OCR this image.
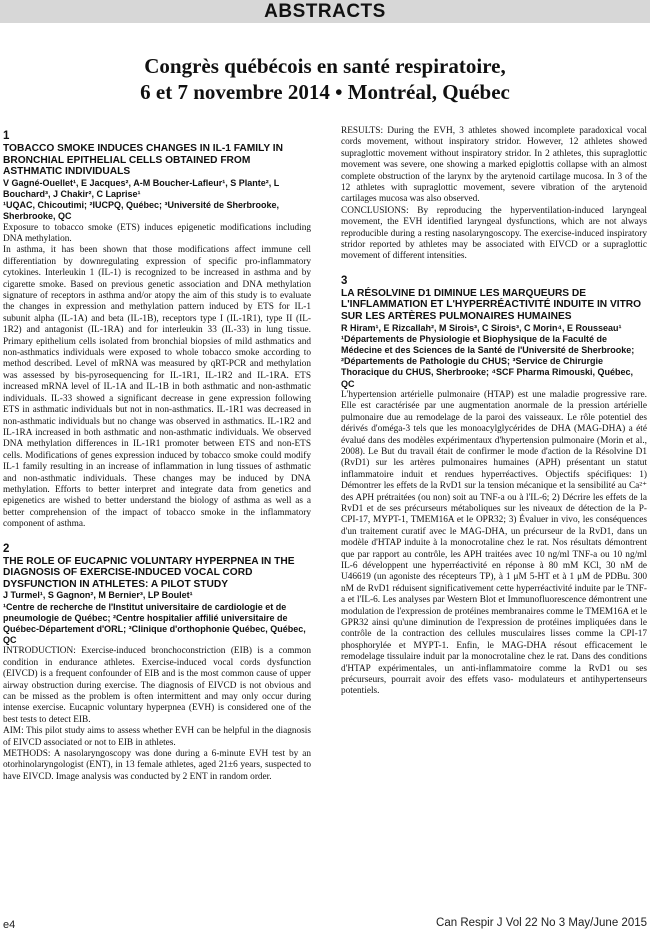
ABSTRACTS
Congrès québécois en santé respiratoire,
6 et 7 novembre 2014 • Montréal, Québec
1

TOBACCO SMOKE INDUCES CHANGES IN IL-1 FAMILY IN BRONCHIAL EPITHELIAL CELLS OBTAINED FROM ASTHMATIC INDIVIDUALS

V Gagné-Ouellet¹, E Jacques², A-M Boucher-Lafleur¹, S Plante², L Bouchard³, J Chakir², C Laprise¹

¹UQAC, Chicoutimi; ²IUCPQ, Québec; ³Université de Sherbrooke, Sherbrooke, QC

Exposure to tobacco smoke (ETS) induces epigenetic modifications including DNA methylation.

In asthma, it has been shown that those modifications affect immune cell differentiation by downregulating expression of specific pro-inflammatory cytokines. Interleukin 1 (IL-1) is recognized to be increased in asthma and by cigarette smoke. Based on previous genetic association and DNA methylation signature of receptors in asthma and/or atopy the aim of this study is to evaluate the changes in expression and methylation pattern induced by ETS for IL-1 subunit alpha (IL-1A) and beta (IL-1B), receptors type I (IL-1R1), type II (IL-1R2) and antagonist (IL-1RA) and for interleukin 33 (IL-33) in lung tissue. Primary epithelium cells isolated from bronchial biopsies of mild asthmatics and non-asthmatics individuals were exposed to whole tobacco smoke according to method described. Level of mRNA was measured by qRT-PCR and methylation was assessed by bis-pyrosequencing for IL-1R1, IL-1R2 and IL-1RA. ETS increased mRNA level of IL-1A and IL-1B in both asthmatic and non-asthmatic individuals. IL-33 showed a significant decrease in gene expression following ETS in asthmatic individuals but not in non-asthmatics. IL-1R1 was decreased in non-asthmatic individuals but no change was observed in asthmatics. IL-1R2 and IL-1RA increased in both asthmatic and non-asthmatic individuals. We observed DNA methylation differences in IL-1R1 promoter between ETS and non-ETS cells. Modifications of genes expression induced by tobacco smoke could modify IL-1 family resulting in an increase of inflammation in lung tissues of asthmatic and non-asthmatic individuals. These changes may be induced by DNA methylation. Efforts to better interpret and integrate data from genetics and epigenetics are wished to better understand the biology of asthma as well as a better comprehension of the impact of tobacco smoke in the inflammatory component of asthma.

2

THE ROLE OF EUCAPNIC VOLUNTARY HYPERPNEA IN THE DIAGNOSIS OF EXERCISE-INDUCED VOCAL CORD DYSFUNCTION IN ATHLETES: A PILOT STUDY

J Turmel¹, S Gagnon², M Bernier³, LP Boulet¹

¹Centre de recherche de l'Institut universitaire de cardiologie et de pneumologie de Québec; ²Centre hospitalier affilié universitaire de Québec-Département d'ORL; ³Clinique d'orthophonie Québec, Québec, QC

INTRODUCTION: Exercise-induced bronchoconstriction (EIB) is a common condition in endurance athletes. Exercise-induced vocal cords dysfunction (EIVCD) is a frequent confounder of EIB and is the most common cause of upper airway obstruction during exercise. The diagnosis of EIVCD is not obvious and can be missed as the problem is often intermittent and may only occur during intense exercise. Eucapnic voluntary hyperpnea (EVH) is considered one of the best tests to detect EIB.

AIM: This pilot study aims to assess whether EVH can be helpful in the diagnosis of EIVCD associated or not to EIB in athletes.

METHODS: A nasolaryngoscopy was done during a 6-minute EVH test by an otorhinolaryngologist (ENT), in 13 female athletes, aged 21±6 years, suspected to have EIVCD. Image analysis was conducted by 2 ENT in random order.

RESULTS: During the EVH, 3 athletes showed incomplete paradoxical vocal cords movement, without inspiratory stridor. However, 12 athletes showed supraglottic movement without inspiratory stridor. In 2 athletes, this supraglottic movement was severe, one showing a marked epiglottis collapse with an almost complete obstruction of the larynx by the arytenoid cartilage mucosa. In 3 of the 12 athletes with supraglottic movement, severe vibration of the arytenoid cartilages mucosa was also observed.

CONCLUSIONS: By reproducing the hyperventilation-induced laryngeal movement, the EVH identified laryngeal dysfunctions, which are not always reproducible during a resting nasolaryngoscopy. The exercise-induced inspiratory stridor reported by athletes may be associated with EIVCD or a supraglottic movement of different intensities.

3

LA RÉSOLVINE D1 DIMINUE LES MARQUEURS DE L'INFLAMMATION ET L'HYPERRÉACTIVITÉ INDUITE IN VITRO SUR LES ARTÈRES PULMONAIRES HUMAINES

R Hiram¹, E Rizcallah², M Sirois³, C Sirois³, C Morin⁴, E Rousseau¹

¹Départements de Physiologie et Biophysique de la Faculté de Médecine et des Sciences de la Santé de l'Université de Sherbrooke; ²Départements de Pathologie du CHUS; ³Service de Chirurgie Thoracique du CHUS, Sherbrooke; ⁴SCF Pharma Rimouski, Québec, QC

L'hypertension artérielle pulmonaire (HTAP) est une maladie progressive rare. Elle est caractérisée par une augmentation anormale de la pression artérielle pulmonaire due au remodelage de la paroi des vaisseaux. Le rôle potentiel des dérivés d'oméga-3 tels que les monoacylglycérides de DHA (MAG-DHA) a été évalué dans des modèles expérimentaux d'hypertension pulmonaire (Morin et al., 2008). Le But du travail était de confirmer le mode d'action de la Résolvine D1 (RvD1) sur les artères pulmonaires humaines (APH) présentant un statut inflammatoire induit et rendues hyperréactives. Objectifs spécifiques: 1) Démontrer les effets de la RvD1 sur la tension mécanique et la sensibilité au Ca²⁺ des APH prétraitées (ou non) soit au TNF-a ou à l'IL-6; 2) Décrire les effets de la RvD1 et de ses précurseurs métaboliques sur les niveaux de détection de la P-CPI-17, MYPT-1, TMEM16A et le OPR32; 3) Évaluer in vivo, les conséquences d'un traitement curatif avec le MAG-DHA, un précurseur de la RvD1, dans un modèle d'HTAP induite à la monocrotaline chez le rat. Nos résultats démontrent que par rapport au contrôle, les APH traitées avec 10 ng/ml TNF-a ou 10 ng/ml IL-6 développent une hyperréactivité en réponse à 80 mM KCl, 30 nM de U46619 (un agoniste des récepteurs TP), à 1 μM 5-HT et à 1 μM de PDBu. 300 nM de RvD1 réduisent significativement cette hyperréactivité induite par le TNF-a et l'IL-6. Les analyses par Western Blot et Immunofluorescence démontrent une modulation de l'expression de protéines membranaires comme le TMEM16A et le GPR32 ainsi qu'une diminution de l'expression de protéines impliquées dans le contrôle de la contraction des cellules musculaires lisses comme la CPI-17 phosphorylée et MYPT-1. Enfin, le MAG-DHA résout efficacement le remodelage tissulaire induit par la monocrotaline chez le rat. Dans des conditions d'HTAP expérimentales, un anti-inflammatoire comme la RvD1 ou ses précurseurs, pourrait avoir des effets vaso- modulateurs et antihypertenseurs potentiels.

e4	Can Respir J Vol 22 No 3 May/June 2015
